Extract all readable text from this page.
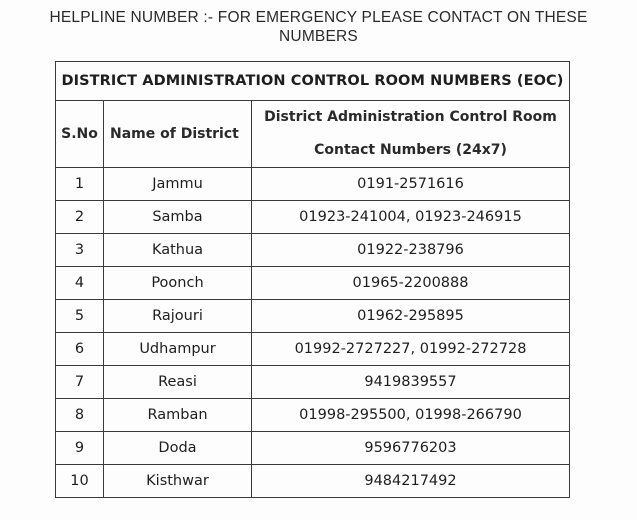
HELPLINE NUMBER :- FOR EMERGENCY PLEASE CONTACT ON THESE
NUMBERS
DISTRICT ADMINISTRATION CONTROL ROOM NUMBERS (EOC)		
S.No	Name of District	District Administration Control Room
Contact Numbers (24x7)

1	Jammu	0191-2571616
2	Samba	01923-241004, 01923-246915
3	Kathua	01922-238796
4	Poonch	01965-2200888
5	Rajouri	01962-295895
6	Udhampur	01992-2727227, 01992-272728
7	Reasi	9419839557
8	Ramban	01998-295500, 01998-266790
9	Doda	9596776203
10	Kisthwar	9484217492
